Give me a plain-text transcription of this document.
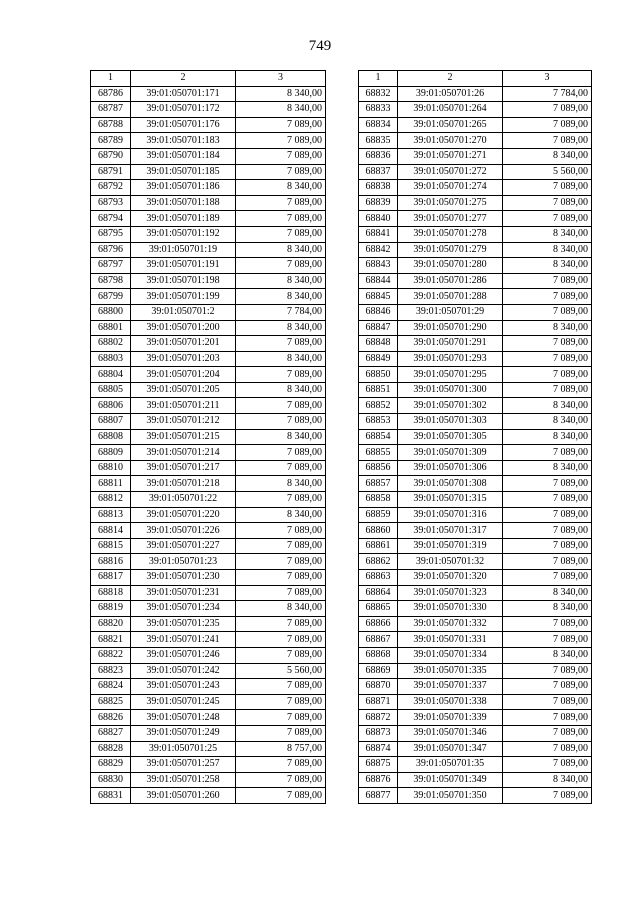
749
1	2	3
68786	39:01:050701:171	8 340,00
68787	39:01:050701:172	8 340,00
68788	39:01:050701:176	7 089,00
68789	39:01:050701:183	7 089,00
68790	39:01:050701:184	7 089,00
68791	39:01:050701:185	7 089,00
68792	39:01:050701:186	8 340,00
68793	39:01:050701:188	7 089,00
68794	39:01:050701:189	7 089,00
68795	39:01:050701:192	7 089,00
68796	39:01:050701:19	8 340,00
68797	39:01:050701:191	7 089,00
68798	39:01:050701:198	8 340,00
68799	39:01:050701:199	8 340,00
68800	39:01:050701:2	7 784,00
68801	39:01:050701:200	8 340,00
68802	39:01:050701:201	7 089,00
68803	39:01:050701:203	8 340,00
68804	39:01:050701:204	7 089,00
68805	39:01:050701:205	8 340,00
68806	39:01:050701:211	7 089,00
68807	39:01:050701:212	7 089,00
68808	39:01:050701:215	8 340,00
68809	39:01:050701:214	7 089,00
68810	39:01:050701:217	7 089,00
68811	39:01:050701:218	8 340,00
68812	39:01:050701:22	7 089,00
68813	39:01:050701:220	8 340,00
68814	39:01:050701:226	7 089,00
68815	39:01:050701:227	7 089,00
68816	39:01:050701:23	7 089,00
68817	39:01:050701:230	7 089,00
68818	39:01:050701:231	7 089,00
68819	39:01:050701:234	8 340,00
68820	39:01:050701:235	7 089,00
68821	39:01:050701:241	7 089,00
68822	39:01:050701:246	7 089,00
68823	39:01:050701:242	5 560,00
68824	39:01:050701:243	7 089,00
68825	39:01:050701:245	7 089,00
68826	39:01:050701:248	7 089,00
68827	39:01:050701:249	7 089,00
68828	39:01:050701:25	8 757,00
68829	39:01:050701:257	7 089,00
68830	39:01:050701:258	7 089,00
68831	39:01:050701:260	7 089,00
1	2	3
68832	39:01:050701:26	7 784,00
68833	39:01:050701:264	7 089,00
68834	39:01:050701:265	7 089,00
68835	39:01:050701:270	7 089,00
68836	39:01:050701:271	8 340,00
68837	39:01:050701:272	5 560,00
68838	39:01:050701:274	7 089,00
68839	39:01:050701:275	7 089,00
68840	39:01:050701:277	7 089,00
68841	39:01:050701:278	8 340,00
68842	39:01:050701:279	8 340,00
68843	39:01:050701:280	8 340,00
68844	39:01:050701:286	7 089,00
68845	39:01:050701:288	7 089,00
68846	39:01:050701:29	7 089,00
68847	39:01:050701:290	8 340,00
68848	39:01:050701:291	7 089,00
68849	39:01:050701:293	7 089,00
68850	39:01:050701:295	7 089,00
68851	39:01:050701:300	7 089,00
68852	39:01:050701:302	8 340,00
68853	39:01:050701:303	8 340,00
68854	39:01:050701:305	8 340,00
68855	39:01:050701:309	7 089,00
68856	39:01:050701:306	8 340,00
68857	39:01:050701:308	7 089,00
68858	39:01:050701:315	7 089,00
68859	39:01:050701:316	7 089,00
68860	39:01:050701:317	7 089,00
68861	39:01:050701:319	7 089,00
68862	39:01:050701:32	7 089,00
68863	39:01:050701:320	7 089,00
68864	39:01:050701:323	8 340,00
68865	39:01:050701:330	8 340,00
68866	39:01:050701:332	7 089,00
68867	39:01:050701:331	7 089,00
68868	39:01:050701:334	8 340,00
68869	39:01:050701:335	7 089,00
68870	39:01:050701:337	7 089,00
68871	39:01:050701:338	7 089,00
68872	39:01:050701:339	7 089,00
68873	39:01:050701:346	7 089,00
68874	39:01:050701:347	7 089,00
68875	39:01:050701:35	7 089,00
68876	39:01:050701:349	8 340,00
68877	39:01:050701:350	7 089,00
